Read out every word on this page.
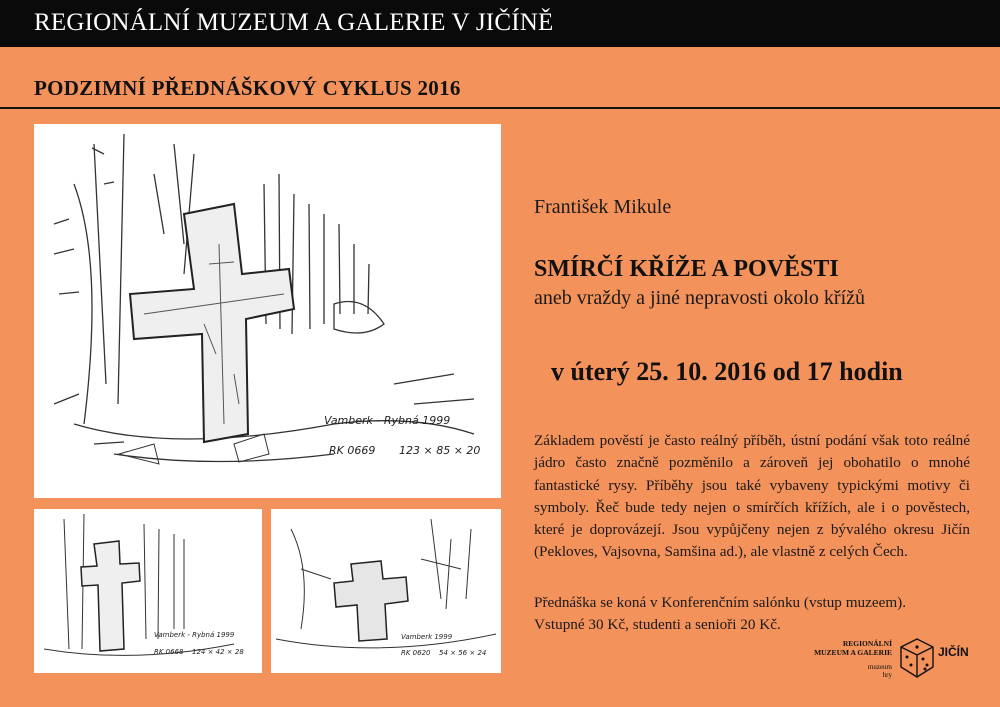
REGIONÁLNÍ MUZEUM A GALERIE V JIČÍNĚ
PODZIMNÍ PŘEDNÁŠKOVÝ CYKLUS 2016
Vamberk - Rybná 1999
RK 0669 123 × 85 × 20
Vamberk - Rybná 1999
RK 0668 124 × 42 × 28
Vamberk 1999
RK 0620 54 × 56 × 24
František Mikule
SMÍRČÍ KŘÍŽE A POVĚSTI
aneb vraždy a jiné nepravosti okolo křížů
v úterý 25. 10. 2016 od 17 hodin
Základem pověstí je často reálný příběh, ústní podání však toto reálné jádro často značně pozměnilo a zároveň jej obohatilo o mnohé fantastické rysy. Příběhy jsou také vybaveny typickými motivy či symboly. Řeč bude tedy nejen o smírčích křížích, ale i o pověstech, které je doprovázejí. Jsou vypůjčeny nejen z bývalého okresu Jičín (Pekloves, Vajsovna, Samšina ad.), ale vlastně z celých Čech.
Přednáška se koná v Konferenčním salónku (vstup muzeem).
Vstupné 30 Kč, studenti a senioři 20 Kč.
REGIONÁLNÍ
MUZEUM A GALERIE
muzeum
hry
JIČÍN
